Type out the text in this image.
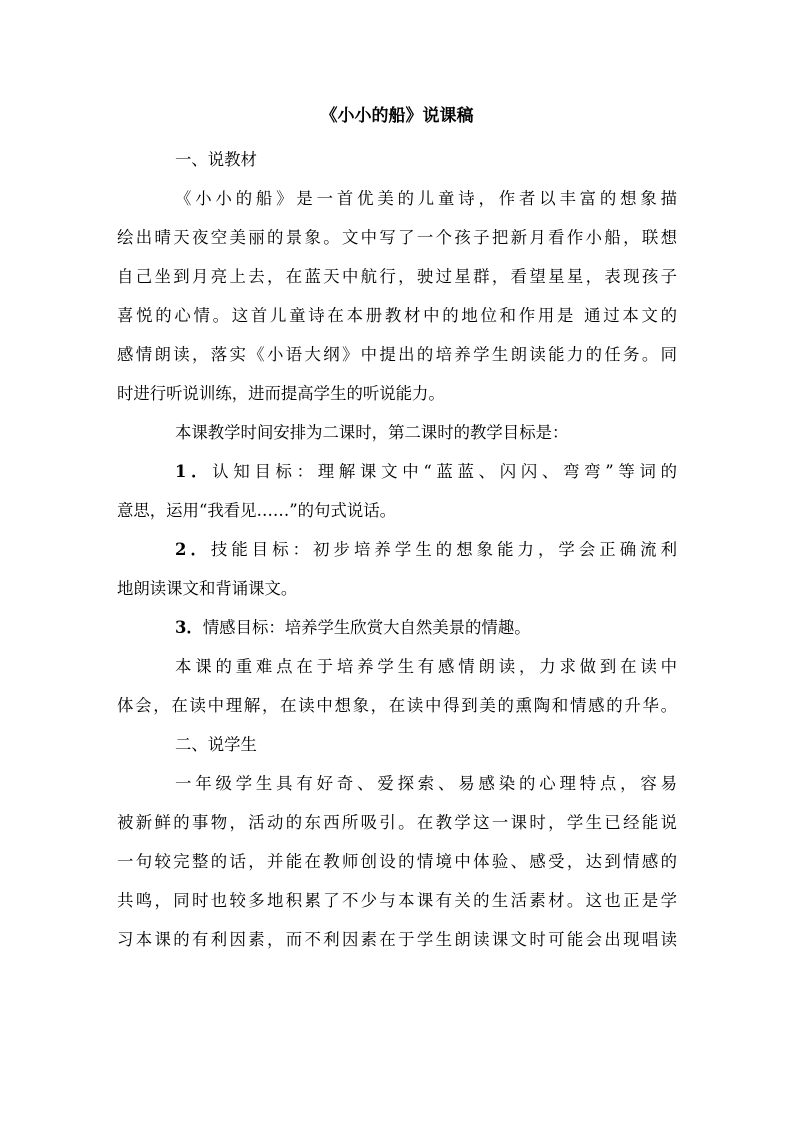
《小小的船》说课稿
一、说教材
《小小的船》是一首优美的儿童诗，作者以丰富的想象描
绘出晴天夜空美丽的景象。文中写了一个孩子把新月看作小船，联想
自己坐到月亮上去，在蓝天中航行，驶过星群，看望星星，表现孩子
喜悦的心情。这首儿童诗在本册教材中的地位和作用是 通过本文的
感情朗读，落实《小语大纲》中提出的培养学生朗读能力的任务。同
时进行听说训练，进而提高学生的听说能力。
本课教学时间安排为二课时，第二课时的教学目标是：
1．认知目标：理解课文中“蓝蓝、闪闪、弯弯”等词的
意思，运用“我看见……”的句式说话。
2．技能目标：初步培养学生的想象能力，学会正确流利
地朗读课文和背诵课文。
3．情感目标：培养学生欣赏大自然美景的情趣。
本课的重难点在于培养学生有感情朗读，力求做到在读中
体会，在读中理解，在读中想象，在读中得到美的熏陶和情感的升华。
二、说学生
一年级学生具有好奇、爱探索、易感染的心理特点，容易
被新鲜的事物，活动的东西所吸引。在教学这一课时，学生已经能说
一句较完整的话，并能在教师创设的情境中体验、感受，达到情感的
共鸣，同时也较多地积累了不少与本课有关的生活素材。这也正是学
习本课的有利因素，而不利因素在于学生朗读课文时可能会出现唱读
